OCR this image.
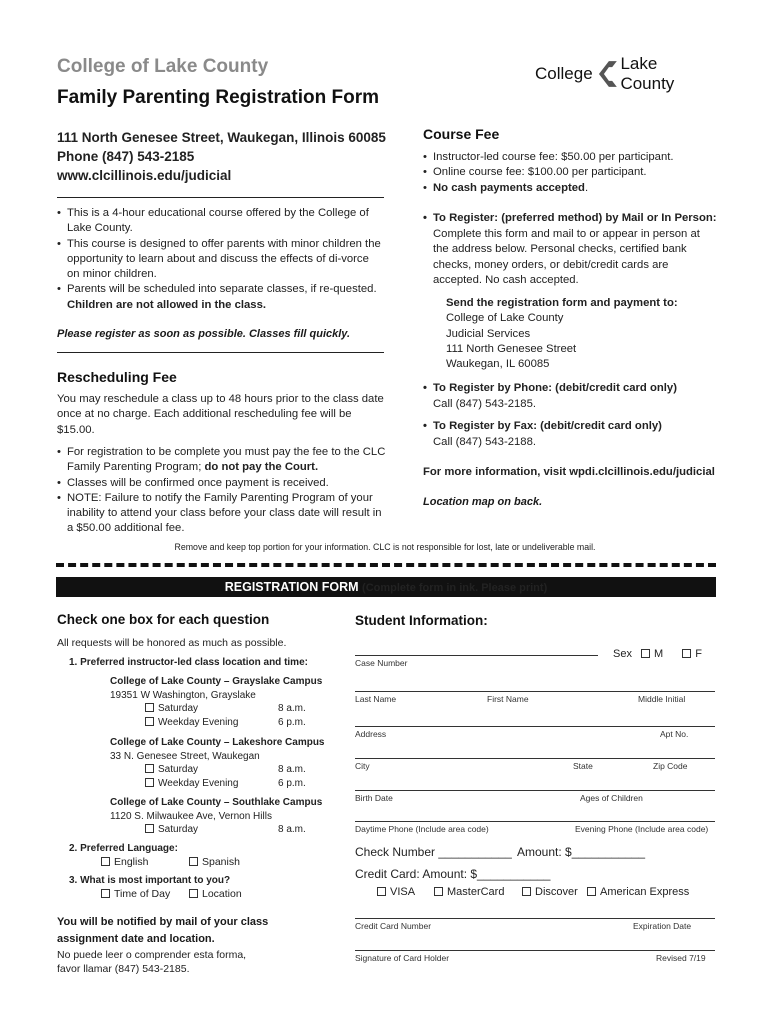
College of Lake County
Family Parenting Registration Form
College
Lake County
111 North Genesee Street, Waukegan, Illinois 60085
Phone (847) 543-2185
www.clcillinois.edu/judicial
• This is a 4-hour educational course offered by the College of Lake County.
• This course is designed to offer parents with minor children the opportunity to learn about and discuss the effects of di-vorce on minor children.
• Parents will be scheduled into separate classes, if re-quested. Children are not allowed in the class.
Please register as soon as possible. Classes fill quickly.
Rescheduling Fee
You may reschedule a class up to 48 hours prior to the class date once at no charge. Each additional rescheduling fee will be $15.00.
• For registration to be complete you must pay the fee to the CLC Family Parenting Program; do not pay the Court.
• Classes will be confirmed once payment is received.
• NOTE: Failure to notify the Family Parenting Program of your inability to attend your class before your class date will result in a $50.00 additional fee.
Course Fee
• Instructor-led course fee: $50.00 per participant.
• Online course fee: $100.00 per participant.
• No cash payments accepted.
• To Register: (preferred method) by Mail or In Person:
Complete this form and mail to or appear in person at the address below. Personal checks, certified bank checks, money orders, or debit/credit cards are accepted. No cash accepted.
Send the registration form and payment to:
College of Lake County
Judicial Services
111 North Genesee Street
Waukegan, IL 60085
• To Register by Phone: (debit/credit card only)
Call (847) 543-2185.
• To Register by Fax: (debit/credit card only)
Call (847) 543-2188.
For more information, visit wpdi.clcillinois.edu/judicial
Location map on back.
Remove and keep top portion for your information. CLC is not responsible for lost, late or undeliverable mail.
REGISTRATION FORM (Complete form in ink. Please print)
Check one box for each question
All requests will be honored as much as possible.
1. Preferred instructor-led class location and time:
College of Lake County – Grayslake Campus
19351 W Washington, Grayslake
Saturday	8 a.m.
Weekday Evening	6 p.m.
College of Lake County – Lakeshore Campus
33 N. Genesee Street, Waukegan
Saturday	8 a.m.
Weekday Evening	6 p.m.
College of Lake County – Southlake Campus
1120 S. Milwaukee Ave, Vernon Hills
Saturday	8 a.m.
2. Preferred Language:
English	Spanish
3. What is most important to you?
Time of Day	Location
You will be notified by mail of your class assignment date and location.
No puede leer o comprender esta forma,
favor llamar (847) 543-2185.
Student Information:
Case Number
Sex M	F
Last Name	First Name	Middle Initial
Address	Apt No.
City	State	Zip Code
Birth Date	Ages of Children
Daytime Phone (Include area code)	Evening Phone (Include area code)
Check Number ___________ Amount: $___________
Credit Card: Amount: $___________
VISA	MasterCard	Discover	American Express
Credit Card Number	Expiration Date
Signature of Card Holder	Revised 7/19
